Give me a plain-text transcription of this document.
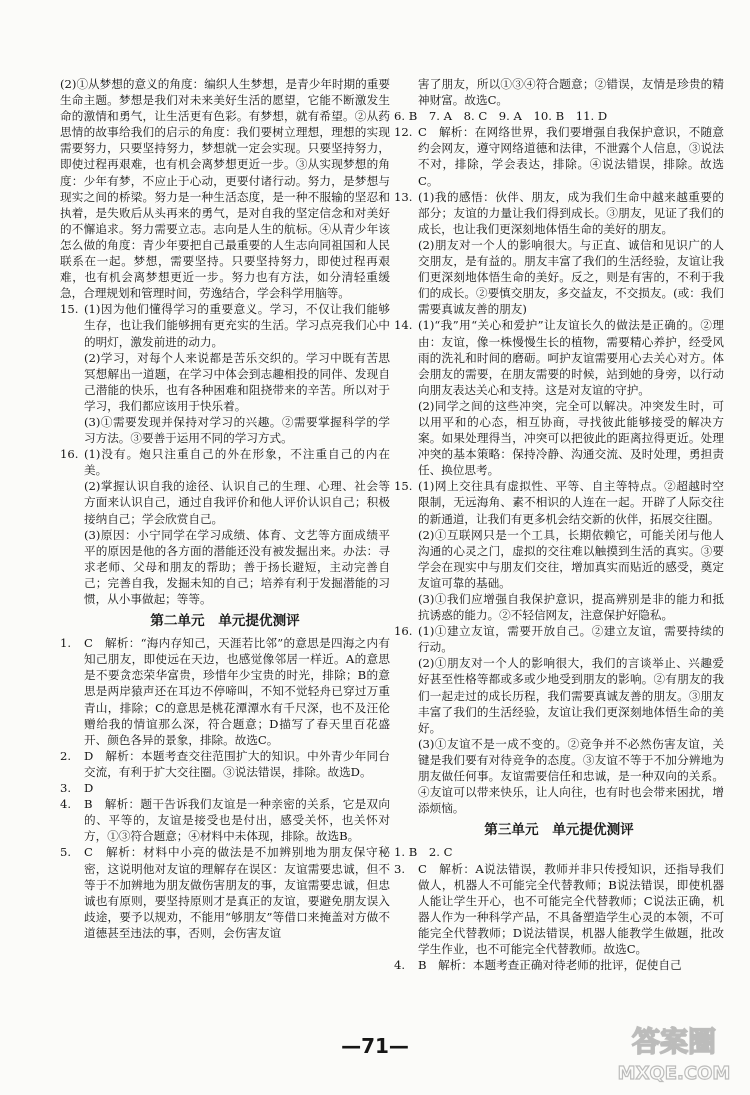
(2)①从梦想的意义的角度：编织人生梦想，是青少年时期的重要生命主题。梦想是我们对未来美好生活的愿望，它能不断激发生命的激情和勇气，让生活更有色彩。有梦想，就有希望。②从药思情的故事给我们的启示的角度：我们要树立理想，理想的实现需要努力，只要坚持努力，梦想就一定会实现。只要坚持努力，即使过程再艰难，也有机会离梦想更近一步。③从实现梦想的角度：少年有梦，不应止于心动，更要付诸行动。努力，是梦想与现实之间的桥梁。努力是一种生活态度，是一种不服输的坚忍和执着，是失败后从头再来的勇气，是对自我的坚定信念和对美好的不懈追求。努力需要立志。志向是人生的航标。④从青少年该怎么做的角度：青少年要把自己最重要的人生志向同祖国和人民联系在一起。梦想，需要坚持。只要坚持努力，即使过程再艰难，也有机会离梦想更近一步。努力也有方法，如分清轻重缓急，合理规划和管理时间，劳逸结合，学会科学用脑等。

15. (1)因为他们懂得学习的重要意义。学习，不仅让我们能够生存，也让我们能够拥有更充实的生活。学习点亮我们心中的明灯，激发前进的动力。

(2)学习，对每个人来说都是苦乐交织的。学习中既有苦思冥想解出一道题，在学习中体会到志趣相投的同伴、发现自己潜能的快乐，也有各种困难和阻挠带来的辛苦。所以对于学习，我们都应该用于快乐着。

(3)①需要发现并保持对学习的兴趣。②需要掌握科学的学习方法。③要善于运用不同的学习方式。

16. (1)没有。炮只注重自己的外在形象，不注重自己的内在美。

(2)掌握认识自我的途径、认识自己的生理、心理、社会等方面来认识自己，通过自我评价和他人评价认识自己；积极接纳自己；学会欣赏自己。

(3)原因：小宁同学在学习成绩、体育、文艺等方面成绩平平的原因是他的各方面的潜能还没有被发掘出来。办法：寻求老师、父母和朋友的帮助；善于扬长避短，主动完善自己；完善自我，发掘未知的自己；培养有利于发掘潜能的习惯，从小事做起；等等。

第二单元　单元提优测评
1.	C　解析：“海内存知己，天涯若比邻”的意思是四海之内有知己朋友，即使远在天边，也感觉像邻居一样近。A的意思是不要贪恋荣华富贵，珍惜年少宝贵的时光，排除；B的意思是两岸猿声还在耳边不停啼叫，不知不觉轻舟已穿过万重青山，排除；C的意思是桃花潭潭水有千尺深，也不及汪伦赠给我的情谊那么深，符合题意；D描写了春天里百花盛开、颜色各异的景象，排除。故选C。
2.	D　解析：本题考查交往范围扩大的知识。中外青少年同台交流，有利于扩大交往圈。③说法错误，排除。故选D。
3.	D
4.	B　解析：题干告诉我们友谊是一种亲密的关系，它是双向的、平等的，友谊是接受也是付出，感受关怀，也关怀对方，①③符合题意；④材料中未体现，排除。故选B。
5.	C　解析：材料中小亮的做法是不加辨别地为朋友保守秘密，这说明他对友谊的理解存在误区：友谊需要忠诚，但不等于不加辨地为朋友做伤害朋友的事，友谊需要忠诚，但忠诚也有原则，要坚持原则才是真正的友谊，要避免朋友误入歧途，要予以规劝，不能用“够朋友”等借口来掩盖对方做不道德甚至违法的事，否则，会伤害友谊

害了朋友，所以①③④符合题意；②错误，友情是珍贵的精神财富。故选C。

6. B　7. A　8. C　9. A　10. B　11. D

12. C　解析：在网络世界，我们要增强自我保护意识，不随意约会网友，遵守网络道德和法律，不泄露个人信息，③说法不对，排除，学会表达，排除。④说法错误，排除。故选C。
13. (1)我的感悟：伙伴、朋友，成为我们生命中越来越重要的部分；友谊的力量让我们得到成长。③朋友，见证了我们的成长，也让我们更深刻地体悟生命的美好的朋友。

(2)朋友对一个人的影响很大。与正直、诚信和见识广的人交朋友，是有益的。朋友丰富了我们的生活经验，友谊让我们更深刻地体悟生命的美好。反之，则是有害的，不利于我们的成长。②要慎交朋友，多交益友，不交损友。(或：我们需要真诚友善的朋友)

14. (1)“我”用“关心和爱护”让友谊长久的做法是正确的。②理由：友谊，像一株慢慢生长的植物，需要精心养护，经受风雨的洗礼和时间的磨砺。呵护友谊需要用心去关心对方。体会朋友的需要，在朋友需要的时候，站到她的身旁，以行动向朋友表达关心和支持。这是对友谊的守护。

(2)同学之间的这些冲突，完全可以解决。冲突发生时，可以用平和的心态，相互协商，寻找彼此能够接受的解决方案。如果处理得当，冲突可以把彼此的距离拉得更近。处理冲突的基本策略：保持冷静、沟通交流、及时处理，勇担责任、换位思考。

15. (1)网上交往具有虚拟性、平等、自主等特点。②超越时空限制，无远海角、素不相识的人连在一起。开辟了人际交往的新通道，让我们有更多机会结交新的伙伴，拓展交往圈。

(2)①互联网只是一个工具，长期依赖它，可能关闭与他人沟通的心灵之门，虚拟的交往难以触摸到生活的真实。③要学会在现实中与朋友们交往，增加真实而贴近的感受，奠定友谊可靠的基础。

(3)①我们应增强自我保护意识，提高辨别是非的能力和抵抗诱惑的能力。②不轻信网友，注意保护好隐私。

16. (1)①建立友谊，需要开放自己。②建立友谊，需要持续的行动。

(2)①朋友对一个人的影响很大，我们的言谈举止、兴趣爱好甚至性格等都或多或少地受到朋友的影响。②有朋友的我们一起走过的成长历程，我们需要真诚友善的朋友。③朋友丰富了我们的生活经验，友谊让我们更深刻地体悟生命的美好。

(3)①友谊不是一成不变的。②竞争并不必然伤害友谊，关键是我们要有对待竞争的态度。③友谊不等于不加分辨地为朋友做任何事。友谊需要信任和忠诚，是一种双向的关系。④友谊可以带来快乐，让人向往，也有时也会带来困扰，增添烦恼。

第三单元　单元提优测评

1. B　2. C

3.	C　解析：A说法错误，教师并非只传授知识，还指导我们做人，机器人不可能完全代替教师；B说法错误，即使机器人能让学生开心，也不可能完全代替教师；C说法正确，机器人作为一种科学产品，不具备塑造学生心灵的本领，不可能完全代替教师；D说法错误，机器人能教学生做题，批改学生作业，也不可能完全代替教师。故选C。
4.	B　解析：本题考查正确对待老师的批评，促使自己
—71—	答案圈
MXQE.COM
